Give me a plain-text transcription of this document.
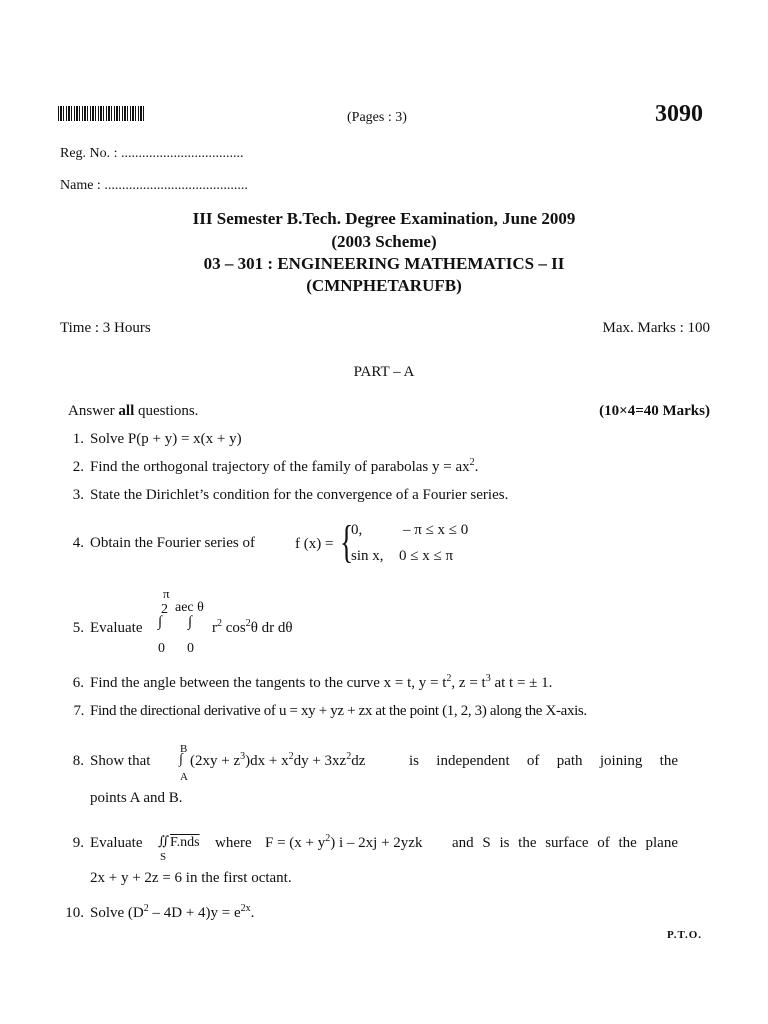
(Pages : 3)	3090
Reg. No. : ...................................
Name : .........................................
III Semester B.Tech. Degree Examination, June 2009
(2003 Scheme)
03 – 301 : ENGINEERING MATHEMATICS – II
(CMNPHETARUFB)
Time : 3 Hours	Max. Marks : 100
PART – A
Answer all questions.	(10×4=40 Marks)
1. Solve P(p + y) = x(x + y)
2. Find the orthogonal trajectory of the family of parabolas $y = ax^2$.
3. State the Dirichlet’s condition for the convergence of a Fourier series.
4. Obtain the Fourier series of	f (x) = {
0,	– π ≤ x ≤ 0
sin x, 0 ≤ x ≤ π
π
2 aec θ
5. Evaluate ∫ ∫ $r^2$ $\cos^2\theta$ dr dθ
0 0
6. Find the angle between the tangents to the curve x = t, $y = t^2$, $z = t^3$ at t = ± 1.
7. Find the directional derivative of u = xy + yz + zx at the point (1, 2, 3) along the X-axis.
B
∫
A
8. Show that	$(2xy + z^3)dx + x^2dy + 3xz^2dz$	is independent of path joining the
points A and B.
9. Evaluate ∬
S
F.nds where $F = (x + y^2)$ i – 2xj + 2yzk and S is the surface of the plane
2x + y + 2z = 6 in the first octant.
10. Solve $(D^2 - 4D + 4)y = e^{2x}$.
P.T.O.
